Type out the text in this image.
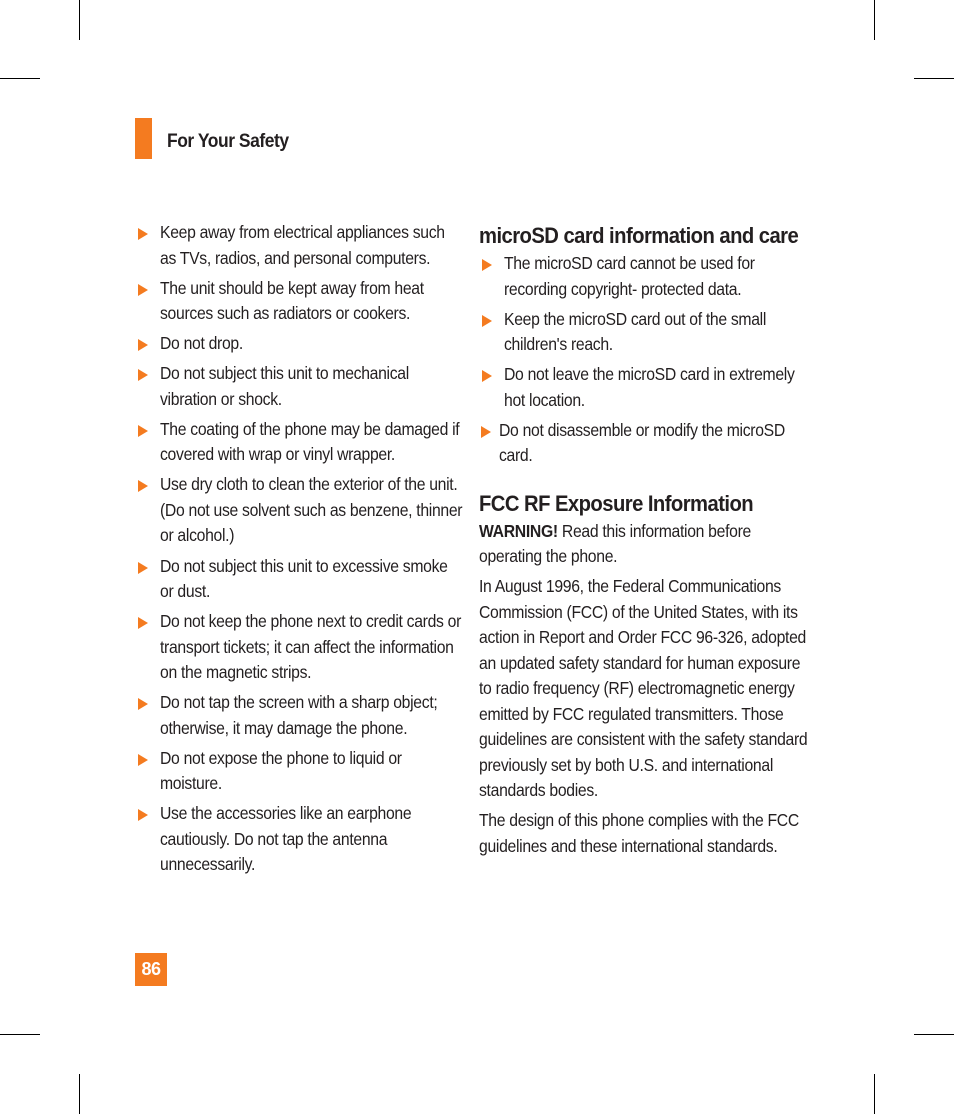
For Your Safety
Keep away from electrical appliances such as TVs, radios, and personal computers.
The unit should be kept away from heat sources such as radiators or cookers.
Do not drop.
Do not subject this unit to mechanical vibration or shock.
The coating of the phone may be damaged if covered with wrap or vinyl wrapper.
Use dry cloth to clean the exterior of the unit. (Do not use solvent such as benzene, thinner or alcohol.)
Do not subject this unit to excessive smoke or dust.
Do not keep the phone next to credit cards or transport tickets; it can affect the information on the magnetic strips.
Do not tap the screen with a sharp object; otherwise, it may damage the phone.
Do not expose the phone to liquid or moisture.
Use the accessories like an earphone cautiously. Do not tap the antenna unnecessarily.
microSD card information and care
The microSD card cannot be used for recording copyright- protected data.
Keep the microSD card out of the small children's reach.
Do not leave the microSD card in extremely hot location.
Do not disassemble or modify the microSD card.
FCC RF Exposure Information
WARNING! Read this information before operating the phone.
In August 1996, the Federal Communications Commission (FCC) of the United States, with its action in Report and Order FCC 96-326, adopted an updated safety standard for human exposure to radio frequency (RF) electromagnetic energy emitted by FCC regulated transmitters. Those guidelines are consistent with the safety standard previously set by both U.S. and international standards bodies.
The design of this phone complies with the FCC guidelines and these international standards.
86
